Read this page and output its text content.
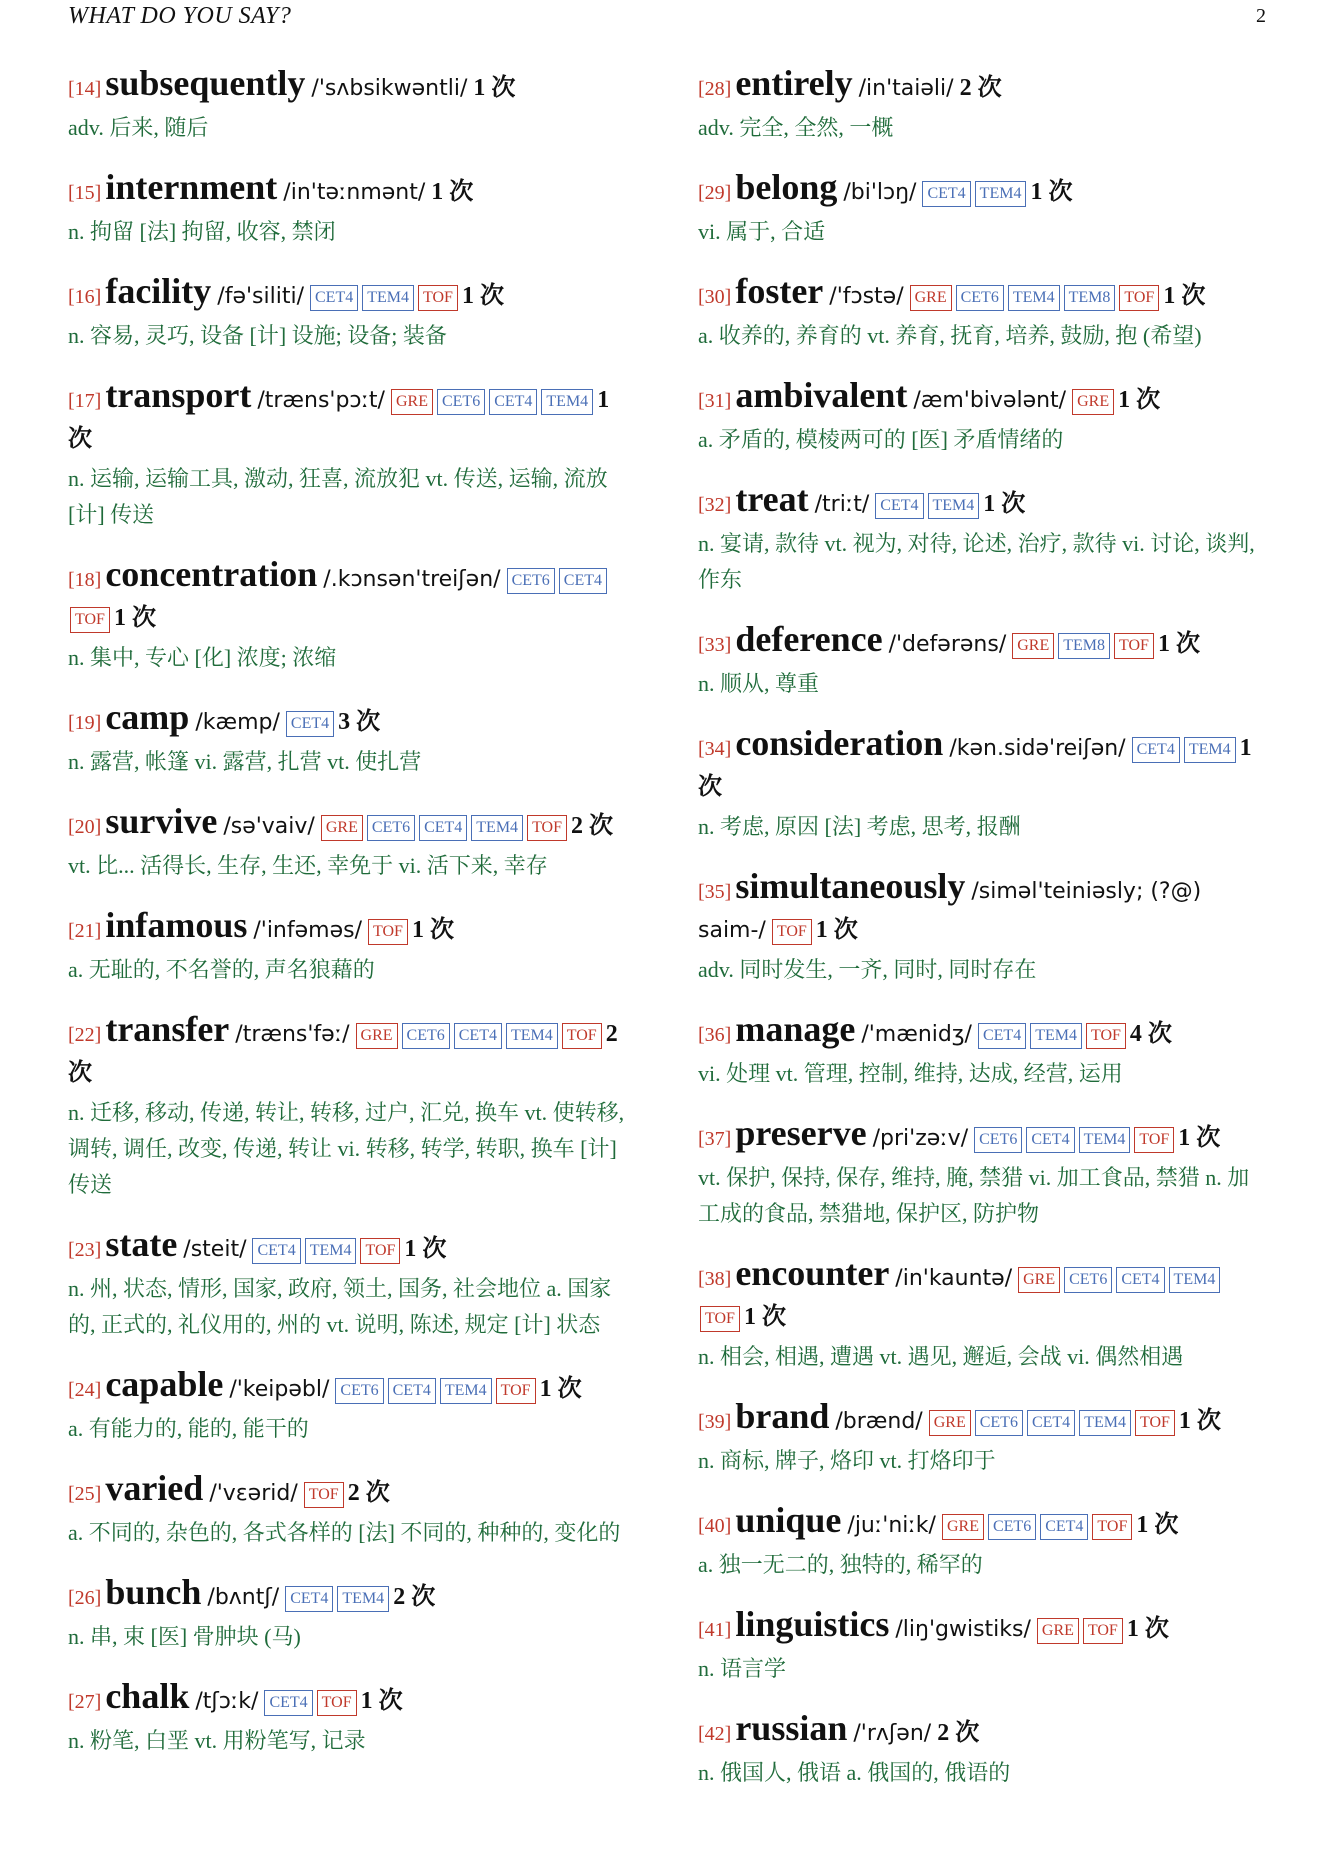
WHAT DO YOU SAY?	2
[14] subsequently /'sʌbsikwəntli/ 1 次
adv. 后来, 随后
[15] internment /in'təːnmənt/ 1 次
n. 拘留 [法] 拘留, 收容, 禁闭
[16] facility /fə'siliti/ CET4 TEM4 TOF 1 次
n. 容易, 灵巧, 设备 [计] 设施; 设备; 装备
[17] transport /træns'pɔːt/ GRE CET6 CET4 TEM4 1 次
n. 运输, 运输工具, 激动, 狂喜, 流放犯 vt. 传送, 运输, 流放 [计] 传送
[18] concentration /.kɔnsən'treiʃən/ CET6 CET4TOF 1 次
n. 集中, 专心 [化] 浓度; 浓缩
[19] camp /kæmp/ CET4 3 次
n. 露营, 帐篷 vi. 露营, 扎营 vt. 使扎营
[20] survive /sə'vaiv/ GRE CET6 CET4 TEM4 TOF 2 次
vt. 比... 活得长, 生存, 生还, 幸免于 vi. 活下来, 幸存
[21] infamous /'infəməs/ TOF 1 次
a. 无耻的, 不名誉的, 声名狼藉的
[22] transfer /træns'fəː/ GRE CET6 CET4 TEM4 TOF 2 次
n. 迁移, 移动, 传递, 转让, 转移, 过户, 汇兑, 换车 vt. 使转移, 调转, 调任, 改变, 传递, 转让 vi. 转移, 转学, 转职, 换车 [计] 传送
[23] state /steit/ CET4 TEM4 TOF 1 次
n. 州, 状态, 情形, 国家, 政府, 领土, 国务, 社会地位 a. 国家的, 正式的, 礼仪用的, 州的 vt. 说明, 陈述, 规定 [计] 状态
[24] capable /'keipəbl/ CET6 CET4 TEM4 TOF 1 次
a. 有能力的, 能的, 能干的
[25] varied /'vεərid/ TOF 2 次
a. 不同的, 杂色的, 各式各样的 [法] 不同的, 种种的, 变化的
[26] bunch /bʌntʃ/ CET4 TEM4 2 次
n. 串, 束 [医] 骨肿块 (马)
[27] chalk /tʃɔːk/ CET4 TOF 1 次
n. 粉笔, 白垩 vt. 用粉笔写, 记录
[28] entirely /in'taiəli/ 2 次
adv. 完全, 全然, 一概
[29] belong /bi'lɔŋ/ CET4 TEM4 1 次
vi. 属于, 合适
[30] foster /'fɔstə/ GRE CET6 TEM4 TEM8 TOF 1 次
a. 收养的, 养育的 vt. 养育, 抚育, 培养, 鼓励, 抱 (希望)
[31] ambivalent /æm'bivələnt/ GRE 1 次
a. 矛盾的, 模棱两可的 [医] 矛盾情绪的
[32] treat /triːt/ CET4 TEM4 1 次
n. 宴请, 款待 vt. 视为, 对待, 论述, 治疗, 款待 vi. 讨论, 谈判, 作东
[33] deference /'defərəns/ GRE TEM8 TOF 1 次
n. 顺从, 尊重
[34] consideration /kən.sidə'reiʃən/ CET4 TEM4 1 次
n. 考虑, 原因 [法] 考虑, 思考, 报酬
[35] simultaneously /siməl'teiniəsly; (?@) saim-/ TOF 1 次
adv. 同时发生, 一齐, 同时, 同时存在
[36] manage /'mænidʒ/ CET4 TEM4 TOF 4 次
vi. 处理 vt. 管理, 控制, 维持, 达成, 经营, 运用
[37] preserve /pri'zəːv/ CET6 CET4 TEM4 TOF 1 次
vt. 保护, 保持, 保存, 维持, 腌, 禁猎 vi. 加工食品, 禁猎 n. 加工成的食品, 禁猎地, 保护区, 防护物
[38] encounter /in'kauntə/ GRE CET6 CET4 TEM4TOF 1 次
n. 相会, 相遇, 遭遇 vt. 遇见, 邂逅, 会战 vi. 偶然相遇
[39] brand /brænd/ GRE CET6 CET4 TEM4 TOF 1 次
n. 商标, 牌子, 烙印 vt. 打烙印于
[40] unique /juː'niːk/ GRE CET6 CET4 TOF 1 次
a. 独一无二的, 独特的, 稀罕的
[41] linguistics /liŋ'gwistiks/ GRE TOF 1 次
n. 语言学
[42] russian /'rʌʃən/ 2 次
n. 俄国人, 俄语 a. 俄国的, 俄语的
